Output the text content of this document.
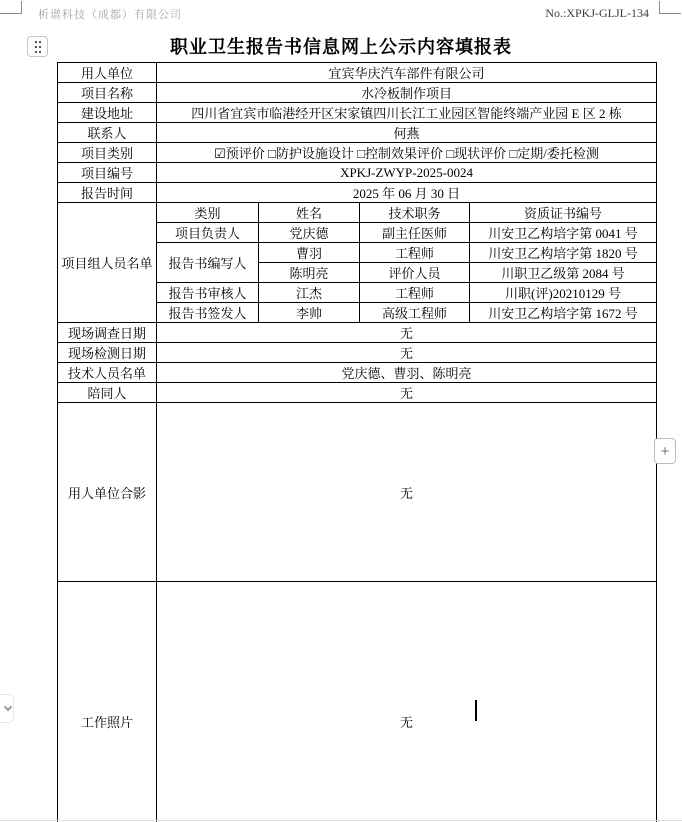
析谱科技（成都）有限公司	No.:XPKJ-GLJL-134
职业卫生报告书信息网上公示内容填报表
用人单位	宜宾华庆汽车部件有限公司			
项目名称	水冷板制作项目			
建设地址	四川省宜宾市临港经开区宋家镇四川长江工业园区智能终端产业园 E 区 2 栋			
联系人	何燕			
项目类别	☑预评价 □防护设施设计 □控制效果评价 □现状评价 □定期/委托检测			
项目编号	XPKJ-ZWYP-2025-0024			
报告时间	2025 年 06 月 30 日			
项目组人员名单	类别	姓名	技术职务	资质证书编号
	项目负责人	党庆德	副主任医师	川安卫乙构培字第 0041 号
	报告书编写人	曹羽	工程师	川安卫乙构培字第 1820 号
		陈明亮	评价人员	川职卫乙级第 2084 号
	报告书审核人	江杰	工程师	川职(评)20210129 号
	报告书签发人	李帅	高级工程师	川安卫乙构培字第 1672 号
现场调查日期	无			
现场检测日期	无			
技术人员名单	党庆德、曹羽、陈明亮			
陪同人	无			
用人单位合影	无			
工作照片	无			
+
